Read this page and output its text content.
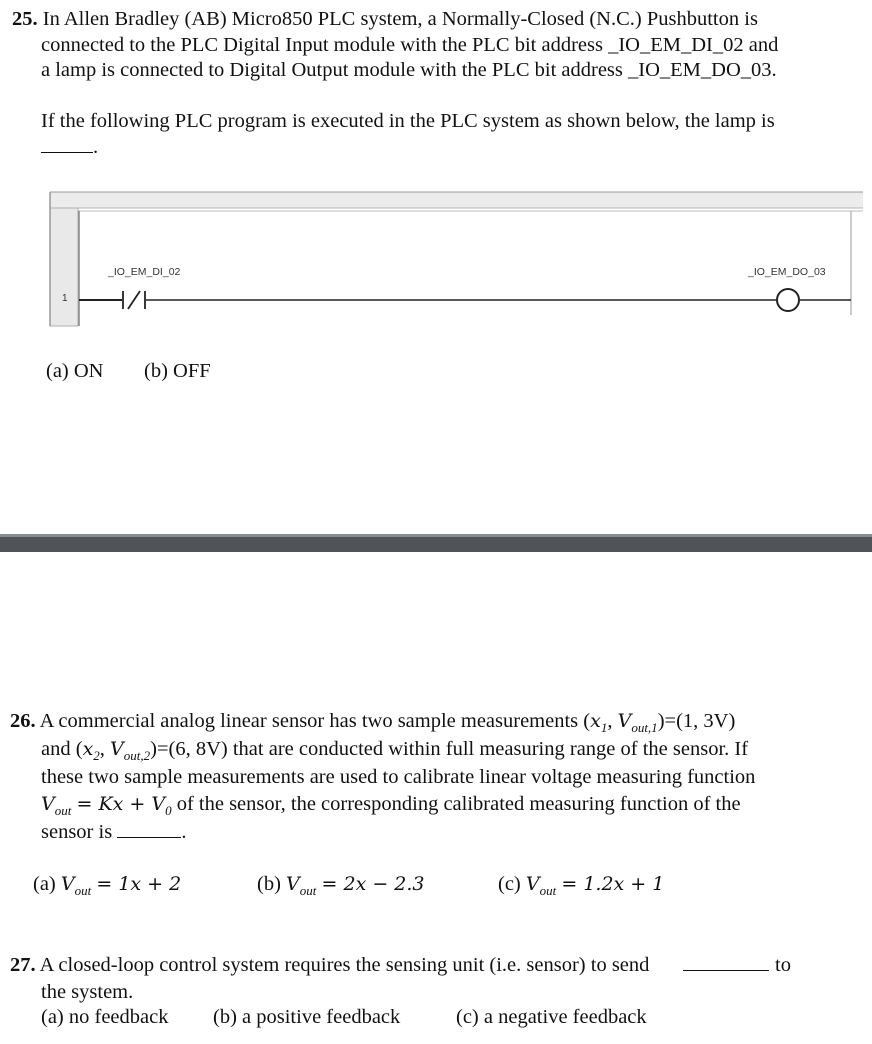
25. In Allen Bradley (AB) Micro850 PLC system, a Normally-Closed (N.C.) Pushbutton is
connected to the PLC Digital Input module with the PLC bit address _IO_EM_DI_02 and
a lamp is connected to Digital Output module with the PLC bit address _IO_EM_DO_03.
If the following PLC program is executed in the PLC system as shown below, the lamp is
.
1
_IO_EM_DI_02	_IO_EM_DO_03
(a) ON (b) OFF
26. A commercial analog linear sensor has two sample measurements ($x_1$, $V_{out,1})=(1$, 3V)
and ($x_2$, $V_{out,2})=(6$, 8V) that are conducted within full measuring range of the sensor. If
these two sample measurements are used to calibrate linear voltage measuring function
$V_{out} = Kx + V_0$ of the sensor, the corresponding calibrated measuring function of the
sensor is	.
(a) $V_{out} = 1x + 2$	(b) $V_{out} = 2x - 2.3$	(c) $V_{out} = 1.2x + 1$
27. A closed-loop control system requires the sensing unit (i.e. sensor) to send	to
the system.
(a) no feedback (b) a positive feedback	(c) a negative feedback
